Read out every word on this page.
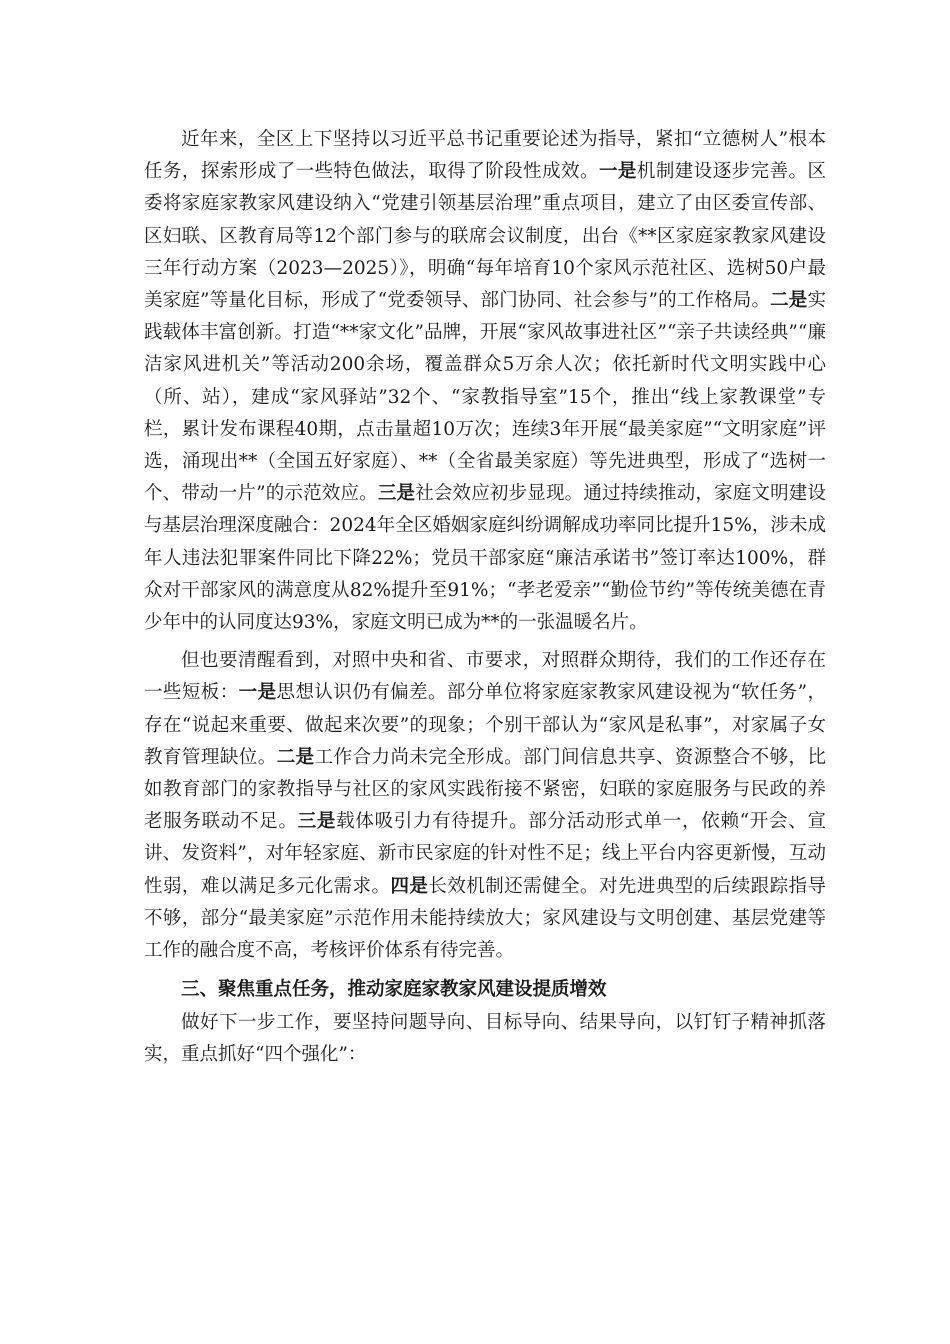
近年来，全区上下坚持以习近平总书记重要论述为指导，紧扣“立德树人”根本任务，探索形成了一些特色做法，取得了阶段性成效。一是机制建设逐步完善。区委将家庭家教家风建设纳入“党建引领基层治理”重点项目，建立了由区委宣传部、区妇联、区教育局等12个部门参与的联席会议制度，出台《**区家庭家教家风建设三年行动方案（2023—2025）》，明确“每年培育10个家风示范社区、选树50户最美家庭”等量化目标，形成了“党委领导、部门协同、社会参与”的工作格局。二是实践载体丰富创新。打造“**家文化”品牌，开展“家风故事进社区”“亲子共读经典”“廉洁家风进机关”等活动200余场，覆盖群众5万余人次；依托新时代文明实践中心（所、站），建成“家风驿站”32个、“家教指导室”15个，推出“线上家教课堂”专栏，累计发布课程40期，点击量超10万次；连续3年开展“最美家庭”“文明家庭”评选，涌现出**（全国五好家庭）、**（全省最美家庭）等先进典型，形成了“选树一个、带动一片”的示范效应。三是社会效应初步显现。通过持续推动，家庭文明建设与基层治理深度融合：2024年全区婚姻家庭纠纷调解成功率同比提升15%，涉未成年人违法犯罪案件同比下降22%；党员干部家庭“廉洁承诺书”签订率达100%，群众对干部家风的满意度从82%提升至91%；“孝老爱亲”“勤俭节约”等传统美德在青少年中的认同度达93%，家庭文明已成为**的一张温暖名片。

但也要清醒看到，对照中央和省、市要求，对照群众期待，我们的工作还存在一些短板：一是思想认识仍有偏差。部分单位将家庭家教家风建设视为“软任务”，存在“说起来重要、做起来次要”的现象；个别干部认为“家风是私事”，对家属子女教育管理缺位。二是工作合力尚未完全形成。部门间信息共享、资源整合不够，比如教育部门的家教指导与社区的家风实践衔接不紧密，妇联的家庭服务与民政的养老服务联动不足。三是载体吸引力有待提升。部分活动形式单一，依赖“开会、宣讲、发资料”，对年轻家庭、新市民家庭的针对性不足；线上平台内容更新慢，互动性弱，难以满足多元化需求。四是长效机制还需健全。对先进典型的后续跟踪指导不够，部分“最美家庭”示范作用未能持续放大；家风建设与文明创建、基层党建等工作的融合度不高，考核评价体系有待完善。

三、聚焦重点任务，推动家庭家教家风建设提质增效

做好下一步工作，要坚持问题导向、目标导向、结果导向，以钉钉子精神抓落实，重点抓好“四个强化”：
